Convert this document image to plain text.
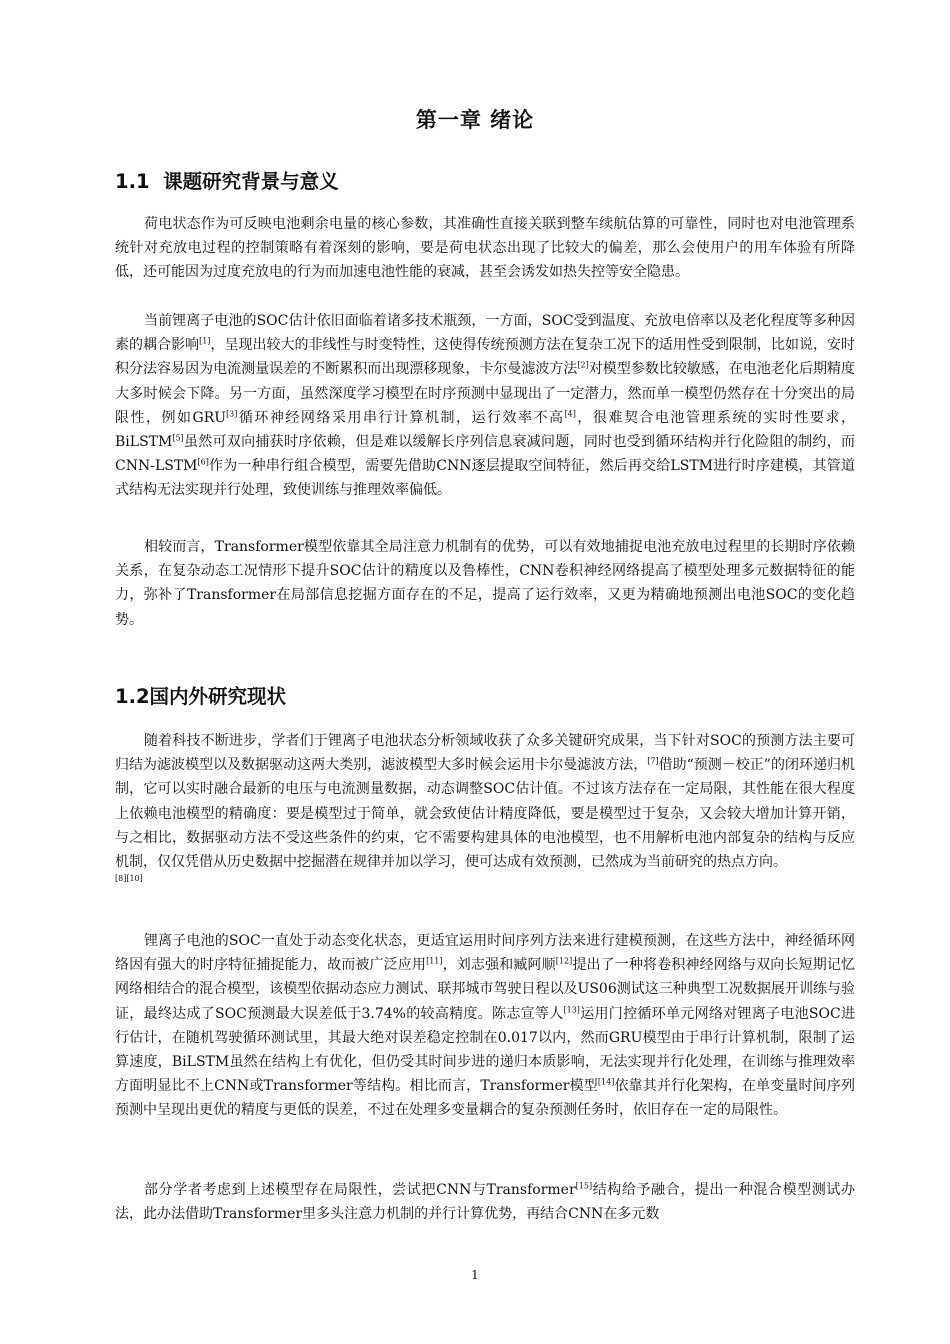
第一章 绪论
1.1 课题研究背景与意义
荷电状态作为可反映电池剩余电量的核心参数，其准确性直接关联到整车续航估算的可靠性，同时也对电池管理系统针对充放电过程的控制策略有着深刻的影响，要是荷电状态出现了比较大的偏差，那么会使用户的用车体验有所降低，还可能因为过度充放电的行为而加速电池性能的衰减，甚至会诱发如热失控等安全隐患。
当前锂离子电池的SOC估计依旧面临着诸多技术瓶颈，一方面，SOC受到温度、充放电倍率以及老化程度等多种因素的耦合影响[1]，呈现出较大的非线性与时变特性，这使得传统预测方法在复杂工况下的适用性受到限制，比如说，安时积分法容易因为电流测量误差的不断累积而出现漂移现象，卡尔曼滤波方法[2]对模型参数比较敏感，在电池老化后期精度大多时候会下降。另一方面，虽然深度学习模型在时序预测中显现出了一定潜力，然而单一模型仍然存在十分突出的局限性，例如GRU[3]循环神经网络采用串行计算机制，运行效率不高[4]，很难契合电池管理系统的实时性要求，BiLSTM[5]虽然可双向捕获时序依赖，但是难以缓解长序列信息衰减问题，同时也受到循环结构并行化险阻的制约，而CNN-LSTM[6]作为一种串行组合模型，需要先借助CNN逐层提取空间特征，然后再交给LSTM进行时序建模，其管道式结构无法实现并行处理，致使训练与推理效率偏低。
相较而言，Transformer模型依靠其全局注意力机制有的优势，可以有效地捕捉电池充放电过程里的长期时序依赖关系，在复杂动态工况情形下提升SOC估计的精度以及鲁棒性，CNN卷积神经网络提高了模型处理多元数据特征的能力，弥补了Transformer在局部信息挖掘方面存在的不足，提高了运行效率，又更为精确地预测出电池SOC的变化趋势。
1.2国内外研究现状
随着科技不断进步，学者们于锂离子电池状态分析领域收获了众多关键研究成果，当下针对SOC的预测方法主要可归结为滤波模型以及数据驱动这两大类别，滤波模型大多时候会运用卡尔曼滤波方法，[7]借助“预测－校正”的闭环递归机制，它可以实时融合最新的电压与电流测量数据，动态调整SOC估计值。不过该方法存在一定局限，其性能在很大程度上依赖电池模型的精确度：要是模型过于简单，就会致使估计精度降低，要是模型过于复杂，又会较大增加计算开销，与之相比，数据驱动方法不受这些条件的约束，它不需要构建具体的电池模型，也不用解析电池内部复杂的结构与反应机制，仅仅凭借从历史数据中挖掘潜在规律并加以学习，便可达成有效预测，已然成为当前研究的热点方向。
[8][10]
锂离子电池的SOC一直处于动态变化状态，更适宜运用时间序列方法来进行建模预测，在这些方法中，神经循环网络因有强大的时序特征捕捉能力，故而被广泛应用[11]，刘志强和臧阿顺[12]提出了一种将卷积神经网络与双向长短期记忆网络相结合的混合模型，该模型依据动态应力测试、联邦城市驾驶日程以及US06测试这三种典型工况数据展开训练与验证，最终达成了SOC预测最大误差低于3.74%的较高精度。陈志宣等人[13]运用门控循环单元网络对锂离子电池SOC进行估计，在随机驾驶循环测试里，其最大绝对误差稳定控制在0.017以内，然而GRU模型由于串行计算机制，限制了运算速度，BiLSTM虽然在结构上有优化，但仍受其时间步进的递归本质影响，无法实现并行化处理，在训练与推理效率方面明显比不上CNN或Transformer等结构。相比而言，Transformer模型[14]依靠其并行化架构，在单变量时间序列预测中呈现出更优的精度与更低的误差，不过在处理多变量耦合的复杂预测任务时，依旧存在一定的局限性。
部分学者考虑到上述模型存在局限性，尝试把CNN与Transformer[15]结构给予融合，提出一种混合模型测试办法，此办法借助Transformer里多头注意力机制的并行计算优势，再结合CNN在多元数
1
